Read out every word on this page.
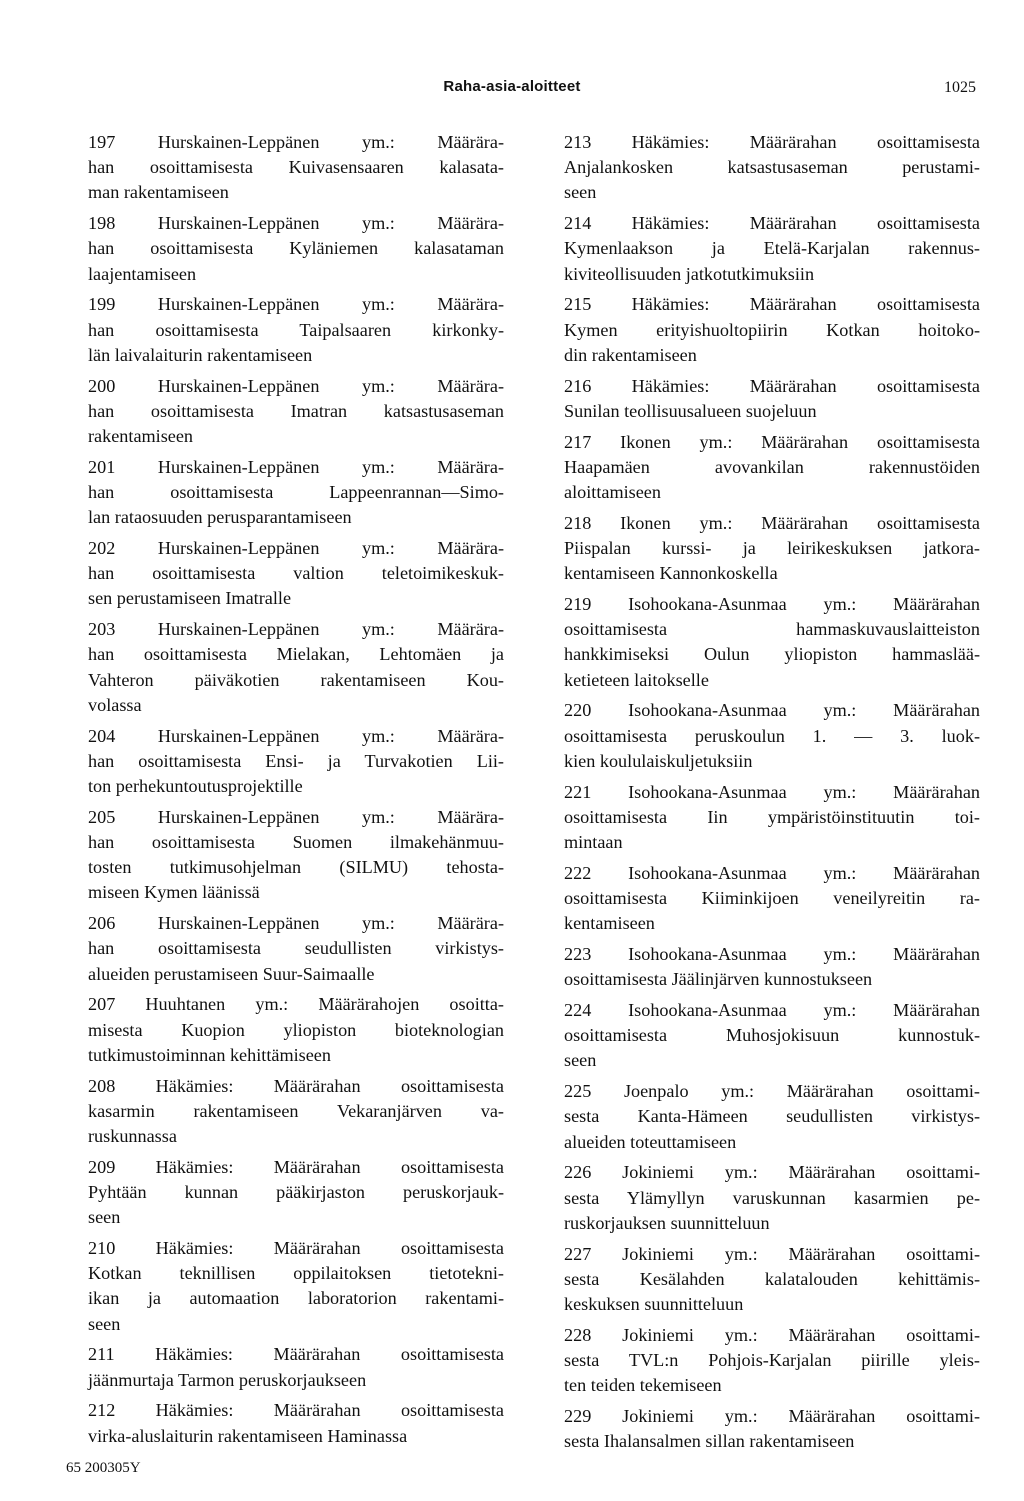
Raha-asia-aloitteet	1025
197 Hurskainen-Leppänen ym.: Määrära-
han osoittamisesta Kuivasensaaren kalasata-
man rakentamiseen
198 Hurskainen-Leppänen ym.: Määrära-
han osoittamisesta Kyläniemen kalasataman
laajentamiseen
199 Hurskainen-Leppänen ym.: Määrära-
han osoittamisesta Taipalsaaren kirkonky-
län laivalaiturin rakentamiseen
200 Hurskainen-Leppänen ym.: Määrära-
han osoittamisesta Imatran katsastusaseman
rakentamiseen
201 Hurskainen-Leppänen ym.: Määrära-
han osoittamisesta Lappeenrannan—Simo-
lan rataosuuden perusparantamiseen
202 Hurskainen-Leppänen ym.: Määrära-
han osoittamisesta valtion teletoimikeskuk-
sen perustamiseen Imatralle
203 Hurskainen-Leppänen ym.: Määrära-
han osoittamisesta Mielakan, Lehtomäen ja
Vahteron päiväkotien rakentamiseen Kou-
volassa
204 Hurskainen-Leppänen ym.: Määrära-
han osoittamisesta Ensi- ja Turvakotien Lii-
ton perhekuntoutusprojektille
205 Hurskainen-Leppänen ym.: Määrära-
han osoittamisesta Suomen ilmakehänmuu-
tosten tutkimusohjelman (SILMU) tehosta-
miseen Kymen läänissä
206 Hurskainen-Leppänen ym.: Määrära-
han osoittamisesta seudullisten virkistys-
alueiden perustamiseen Suur-Saimaalle
207 Huuhtanen ym.: Määrärahojen osoitta-
misesta Kuopion yliopiston bioteknologian
tutkimustoiminnan kehittämiseen
208 Häkämies: Määrärahan osoittamisesta
kasarmin rakentamiseen Vekaranjärven va-
ruskunnassa
209 Häkämies: Määrärahan osoittamisesta
Pyhtään kunnan pääkirjaston peruskorjauk-
seen
210 Häkämies: Määrärahan osoittamisesta
Kotkan teknillisen oppilaitoksen tietotekni-
ikan ja automaation laboratorion rakentami-
seen
211 Häkämies: Määrärahan osoittamisesta
jäänmurtaja Tarmon peruskorjaukseen
212 Häkämies: Määrärahan osoittamisesta
virka-aluslaiturin rakentamiseen Haminassa
213 Häkämies: Määrärahan osoittamisesta
Anjalankosken katsastusaseman perustami-
seen
214 Häkämies: Määrärahan osoittamisesta
Kymenlaakson ja Etelä-Karjalan rakennus-
kiviteollisuuden jatkotutkimuksiin
215 Häkämies: Määrärahan osoittamisesta
Kymen erityishuoltopiirin Kotkan hoitoko-
din rakentamiseen
216 Häkämies: Määrärahan osoittamisesta
Sunilan teollisuusalueen suojeluun
217 Ikonen ym.: Määrärahan osoittamisesta
Haapamäen avovankilan rakennustöiden
aloittamiseen
218 Ikonen ym.: Määrärahan osoittamisesta
Piispalan kurssi- ja leirikeskuksen jatkora-
kentamiseen Kannonkoskella
219 Isohookana-Asunmaa ym.: Määrärahan
osoittamisesta hammaskuvauslaitteiston
hankkimiseksi Oulun yliopiston hammaslää-
ketieteen laitokselle
220 Isohookana-Asunmaa ym.: Määrärahan
osoittamisesta peruskoulun 1. — 3. luok-
kien koululaiskuljetuksiin
221 Isohookana-Asunmaa ym.: Määrärahan
osoittamisesta Iin ympäristöinstituutin toi-
mintaan
222 Isohookana-Asunmaa ym.: Määrärahan
osoittamisesta Kiiminkijoen veneilyreitin ra-
kentamiseen
223 Isohookana-Asunmaa ym.: Määrärahan
osoittamisesta Jäälinjärven kunnostukseen
224 Isohookana-Asunmaa ym.: Määrärahan
osoittamisesta Muhosjokisuun kunnostuk-
seen
225 Joenpalo ym.: Määrärahan osoittami-
sesta Kanta-Hämeen seudullisten virkistys-
alueiden toteuttamiseen
226 Jokiniemi ym.: Määrärahan osoittami-
sesta Ylämyllyn varuskunnan kasarmien pe-
ruskorjauksen suunnitteluun
227 Jokiniemi ym.: Määrärahan osoittami-
sesta Kesälahden kalatalouden kehittämis-
keskuksen suunnitteluun
228 Jokiniemi ym.: Määrärahan osoittami-
sesta TVL:n Pohjois-Karjalan piirille yleis-
ten teiden tekemiseen
229 Jokiniemi ym.: Määrärahan osoittami-
sesta Ihalansalmen sillan rakentamiseen
65 200305Y
